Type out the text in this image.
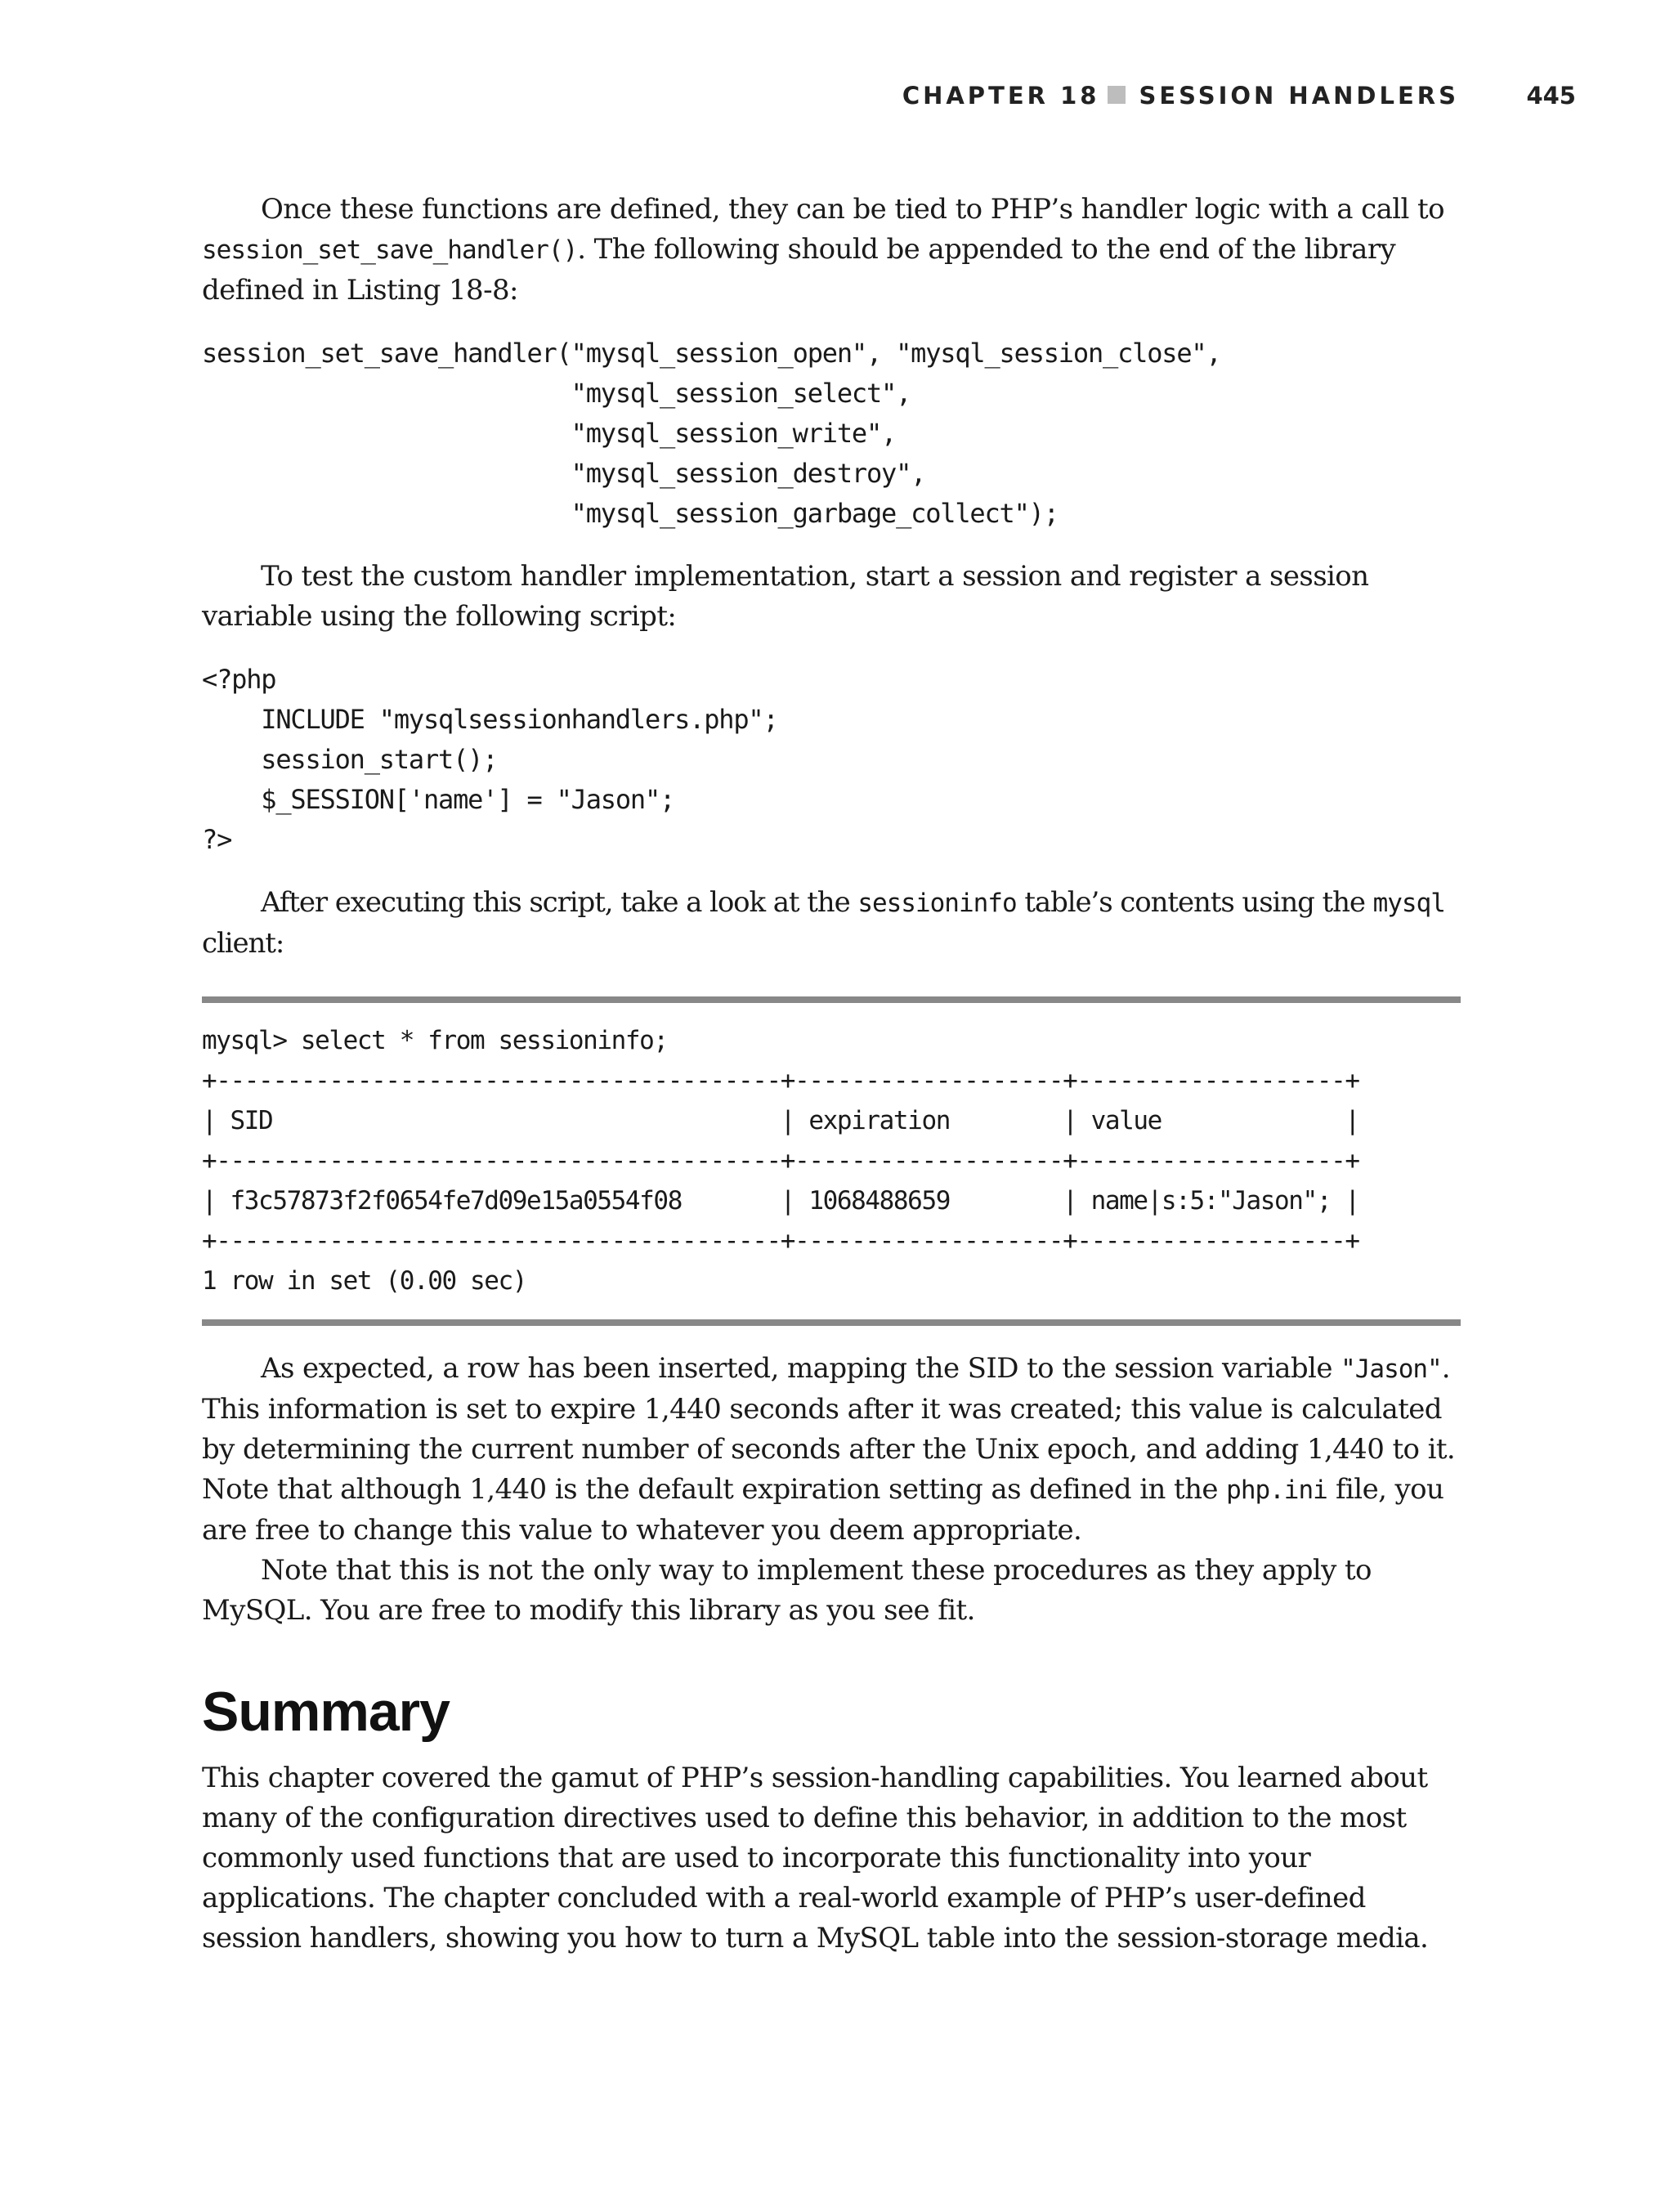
CHAPTER 18 SESSION HANDLERS	445

Once these functions are defined, they can be tied to PHP’s handler logic with a call to
session_set_save_handler(). The following should be appended to the end of the library defined in Listing 18-8:

session_set_save_handler("mysql_session_open", "mysql_session_close",
"mysql_session_select",
"mysql_session_write",
"mysql_session_destroy",
"mysql_session_garbage_collect");

To test the custom handler implementation, start a session and register a session variable using the following script:

<?php
INCLUDE "mysqlsessionhandlers.php";
session_start();
$_SESSION['name'] = "Jason";
?>

After executing this script, take a look at the sessioninfo table’s contents using the mysql client:

mysql> select * from sessioninfo;
+----------------------------------------+-------------------+-------------------+
| SID                                    | expiration        | value             |
+----------------------------------------+-------------------+-------------------+
| f3c57873f2f0654fe7d09e15a0554f08       | 1068488659        | name|s:5:"Jason"; |
+----------------------------------------+-------------------+-------------------+
1 row in set (0.00 sec)

As expected, a row has been inserted, mapping the SID to the session variable "Jason". This information is set to expire 1,440 seconds after it was created; this value is calculated by determining the current number of seconds after the Unix epoch, and adding 1,440 to it. Note that although 1,440 is the default expiration setting as defined in the php.ini file, you are free to change this value to whatever you deem appropriate.

Note that this is not the only way to implement these procedures as they apply to MySQL. You are free to modify this library as you see fit.

Summary

This chapter covered the gamut of PHP’s session-handling capabilities. You learned about many of the configuration directives used to define this behavior, in addition to the most commonly used functions that are used to incorporate this functionality into your applications. The chapter concluded with a real-world example of PHP’s user-defined session handlers, showing you how to turn a MySQL table into the session-storage media.
